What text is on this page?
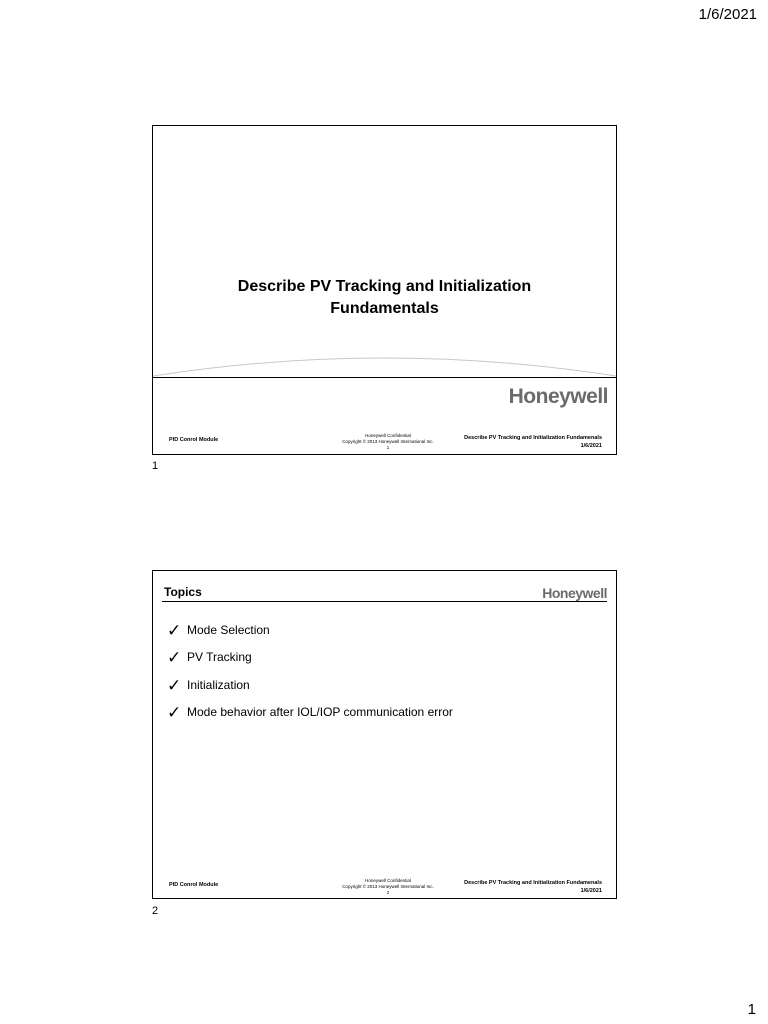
1/6/2021
Describe PV Tracking and Initialization
Fundamentals
Honeywell
PID Conrol Module
Honeywell Confidential
Copyright © 2013 Honeywell International Inc.
1
Describe PV Tracking and Initialization Fundamenals
1/6/2021
1
Topics	Honeywell
✓ Mode Selection
✓ PV Tracking
✓ Initialization
✓ Mode behavior after IOL/IOP communication error
PID Conrol Module
Honeywell Confidential
Copyright © 2013 Honeywell International Inc.
2
Describe PV Tracking and Initialization Fundamenals
1/6/2021
2
1
